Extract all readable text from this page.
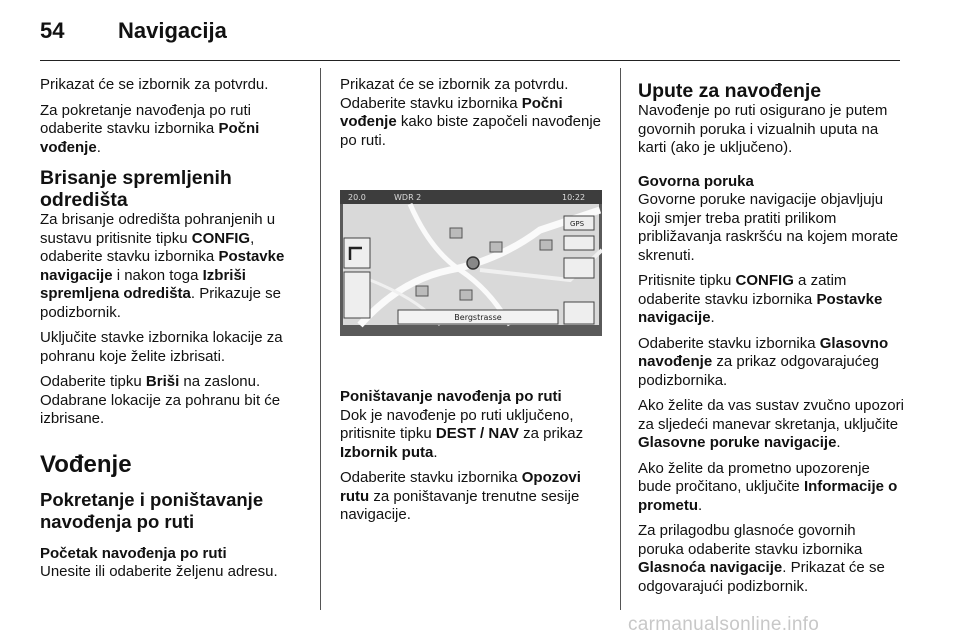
54 Navigacija

Prikazat će se izbornik za potvrdu.

Za pokretanje navođenja po ruti odaberite stavku izbornika Počni vođenje.

Brisanje spremljenih odredišta

Za brisanje odredišta pohranjenih u sustavu pritisnite tipku CONFIG, odaberite stavku izbornika Postavke navigacije i nakon toga Izbriši spremljena odredišta. Prikazuje se podizbornik.

Uključite stavke izbornika lokacije za pohranu koje želite izbrisati.

Odaberite tipku Briši na zaslonu. Odabrane lokacije za pohranu bit će izbrisane.

Vođenje
Pokretanje i poništavanje navođenja po ruti
Početak navođenja po ruti

Unesite ili odaberite željenu adresu.

Prikazat će se izbornik za potvrdu. Odaberite stavku izbornika Počni vođenje kako biste započeli navođenje po ruti.

20.0	WDR 2	10:22
GPS
Bergstrasse
Poništavanje navođenja po ruti

Dok je navođenje po ruti uključeno, pritisnite tipku DEST / NAV za prikaz Izbornik puta.

Odaberite stavku izbornika Opozovi rutu za poništavanje trenutne sesije navigacije.

Upute za navođenje

Navođenje po ruti osigurano je putem govornih poruka i vizualnih uputa na karti (ako je uključeno).

Govorna poruka

Govorne poruke navigacije objavljuju koji smjer treba pratiti prilikom približavanja raskršću na kojem morate skrenuti.

Pritisnite tipku CONFIG a zatim odaberite stavku izbornika Postavke navigacije.

Odaberite stavku izbornika Glasovno navođenje za prikaz odgovarajućeg podizbornika.

Ako želite da vas sustav zvučno upozori za sljedeći manevar skretanja, uključite Glasovne poruke navigacije.

Ako želite da prometno upozorenje bude pročitano, uključite Informacije o prometu.

Za prilagodbu glasnoće govornih poruka odaberite stavku izbornika Glasnoća navigacije. Prikazat će se odgovarajući podizbornik.

carmanualsonline.info
